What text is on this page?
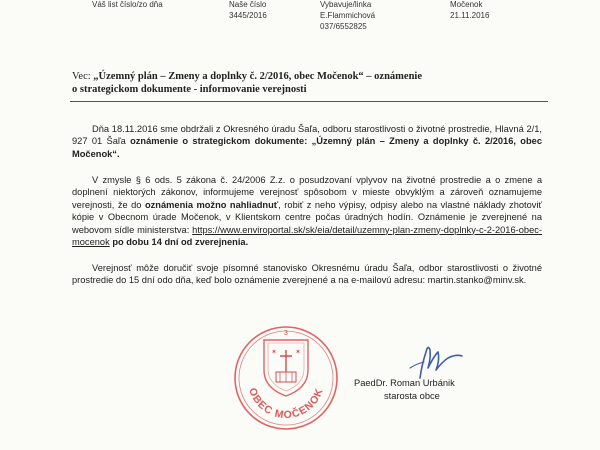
Váš list číslo/zo dňa	Naše číslo
3445/2016
Vybavuje/linka
E.Flammichová
037/6552825
Močenok
21.11.2016
Vec: „Územný plán – Zmeny a doplnky č. 2/2016, obec Močenok“ – oznámenie
o strategickom dokumente - informovanie verejnosti
Dňa 18.11.2016 sme obdržali z Okresného úradu Šaľa, odboru starostlivosti o životné prostredie, Hlavná 2/1, 927 01 Šaľa oznámenie o strategickom dokumente: „Územný plán – Zmeny a doplnky č. 2/2016, obec Močenok“.
V zmysle § 6 ods. 5 zákona č. 24/2006 Z.z. o posudzovaní vplyvov na životné prostredie a o zmene a doplnení niektorých zákonov, informujeme verejnosť spôsobom v mieste obvyklým a zároveň oznamujeme verejnosti, že do oznámenia možno nahliadnuť, robiť z neho výpisy, odpisy alebo na vlastné náklady zhotoviť kópie v Obecnom úrade Močenok, v Klientskom centre počas úradných hodín. Oznámenie je zverejnené na webovom sídle ministerstva: https://www.enviroportal.sk/sk/eia/detail/uzemny-plan-zmeny-doplnky-c-2-2016-obec-mocenok po dobu 14 dní od zverejnenia.
Verejnosť môže doručiť svoje písomné stanovisko Okresnému úradu Šaľa, odbor starostlivosti o životné prostredie do 15 dní odo dňa, keď bolo oznámenie zverejnené a na e-mailovú adresu: martin.stanko@minv.sk.
3
✶	✶
OBEC MOČENOK
PaedDr. Roman Urbánik
starosta obce
